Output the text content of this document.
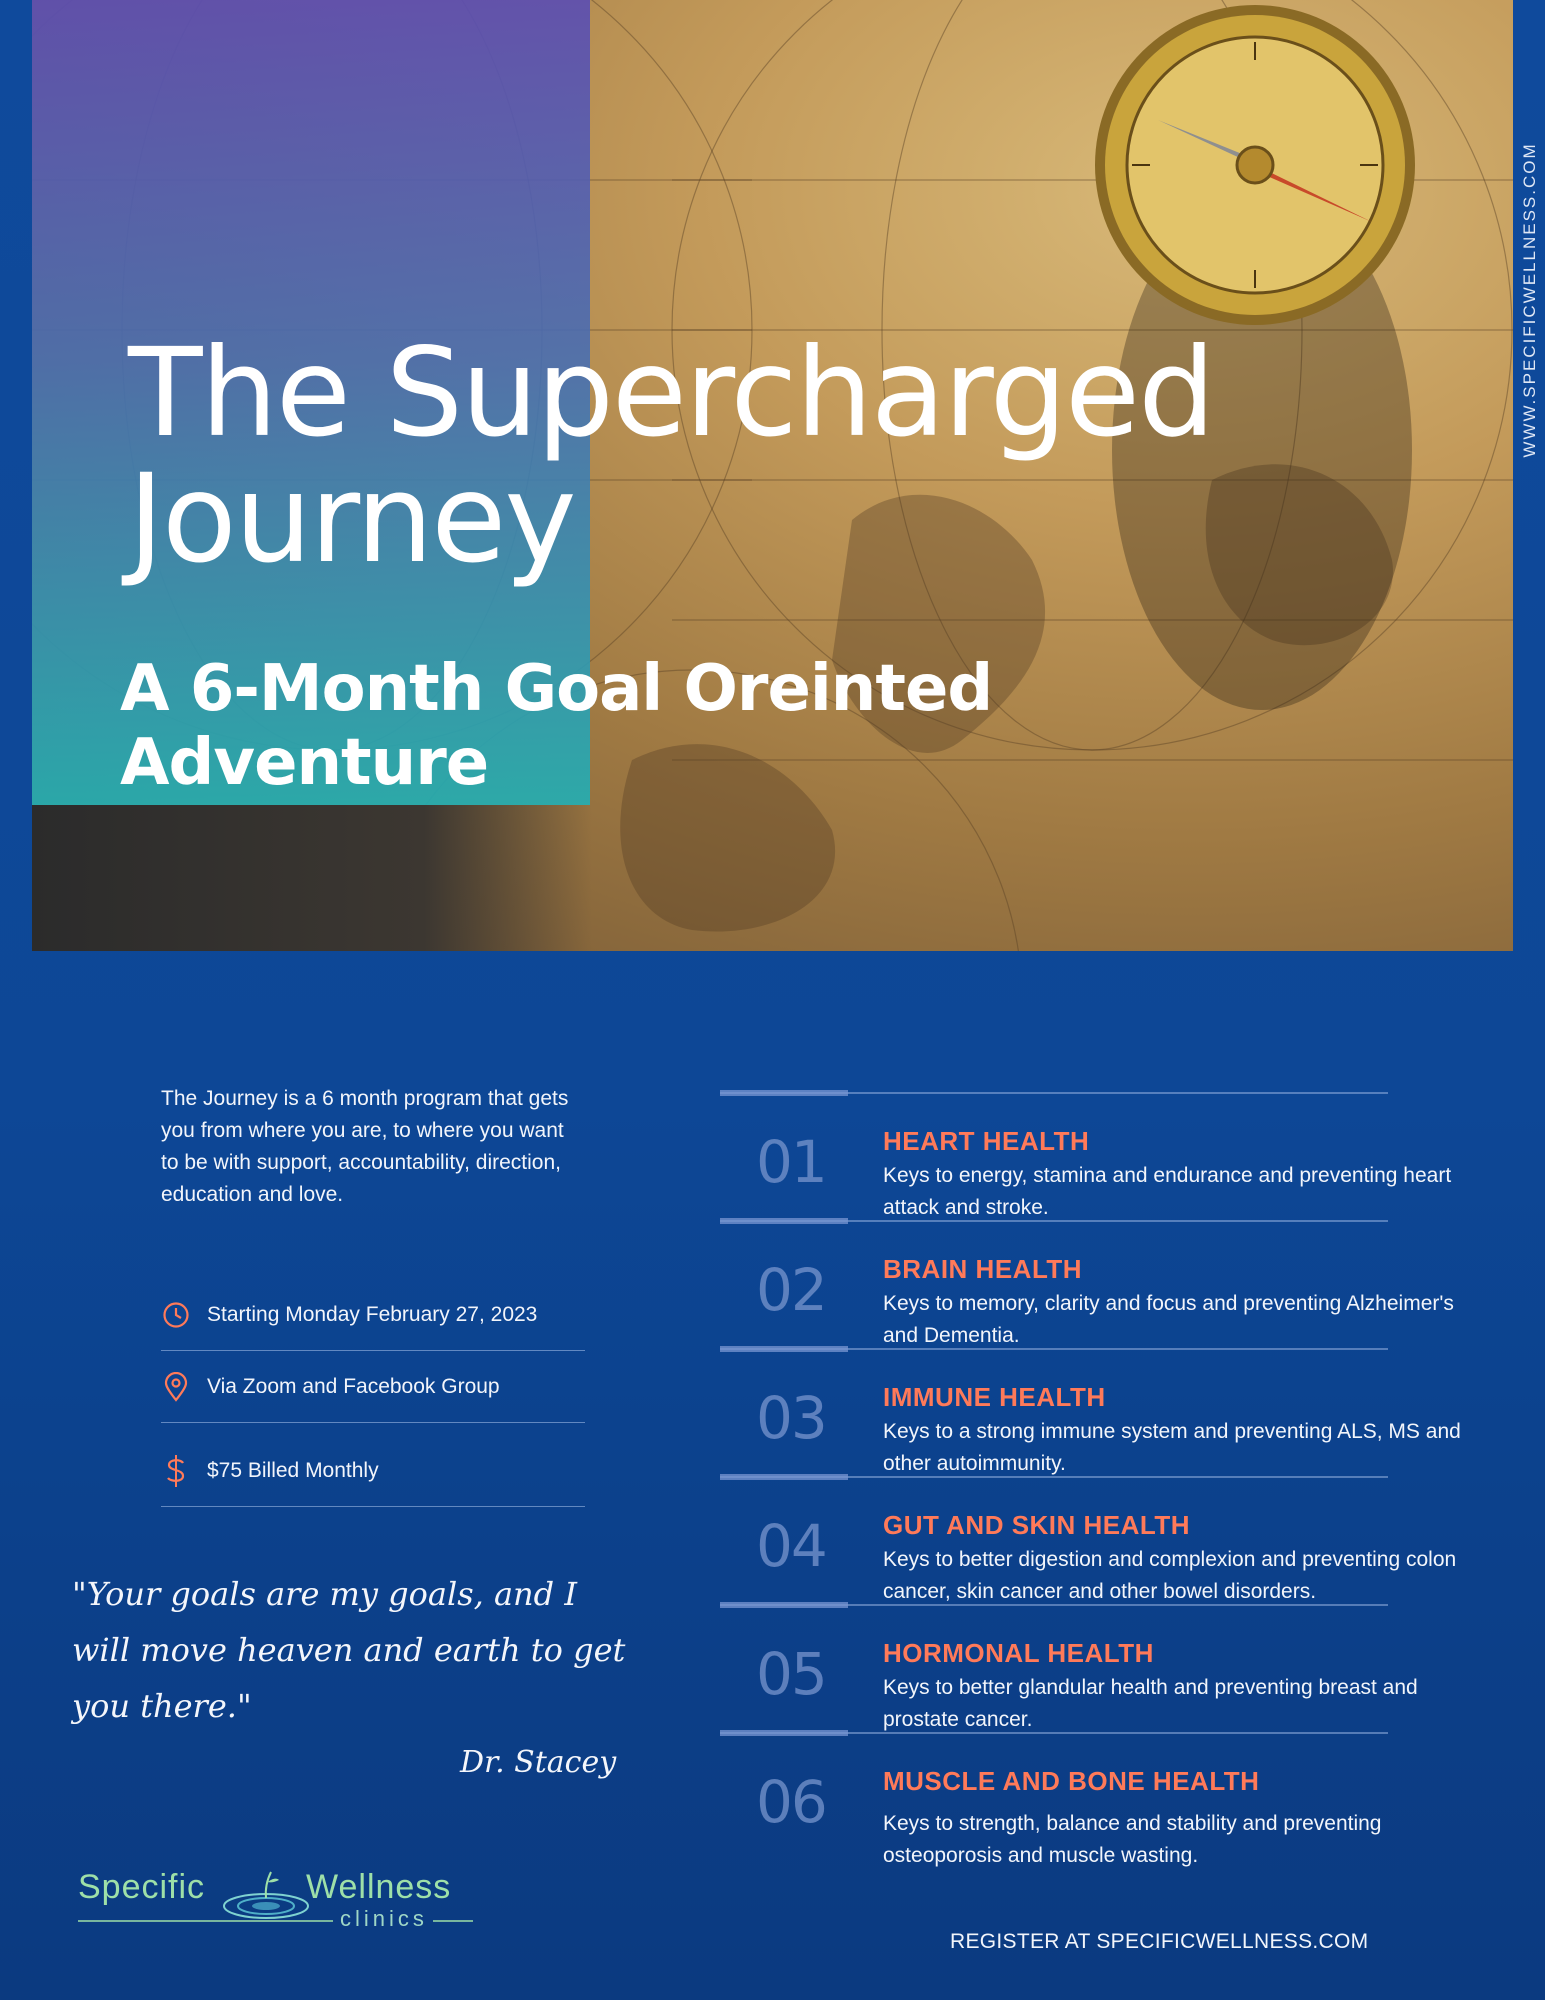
The Supercharged
Journey
A 6-Month Goal Oreinted Adventure
WWW.SPECIFICWELLNESS.COM

The Journey is a 6 month program that gets you from where you are, to where you want to be with support, accountability, direction, education and love.

Starting Monday February 27, 2023
Via Zoom and Facebook Group
$75 Billed Monthly
"Your goals are my goals, and I will move heaven and earth to get you there."
Dr. Stacey
Specific	Wellness
clinics
01 HEART HEALTH
Keys to energy, stamina and endurance and preventing heart attack and stroke.
02 BRAIN HEALTH
Keys to memory, clarity and focus and preventing Alzheimer's and Dementia.
03 IMMUNE HEALTH
Keys to a strong immune system and preventing ALS, MS and other autoimmunity.
04 GUT AND SKIN HEALTH
Keys to better digestion and complexion and preventing colon cancer, skin cancer and other bowel disorders.
05 HORMONAL HEALTH
Keys to better glandular health and preventing breast and prostate cancer.
06 MUSCLE AND BONE HEALTH
Keys to strength, balance and stability and preventing osteoporosis and muscle wasting.
REGISTER AT SPECIFICWELLNESS.COM
